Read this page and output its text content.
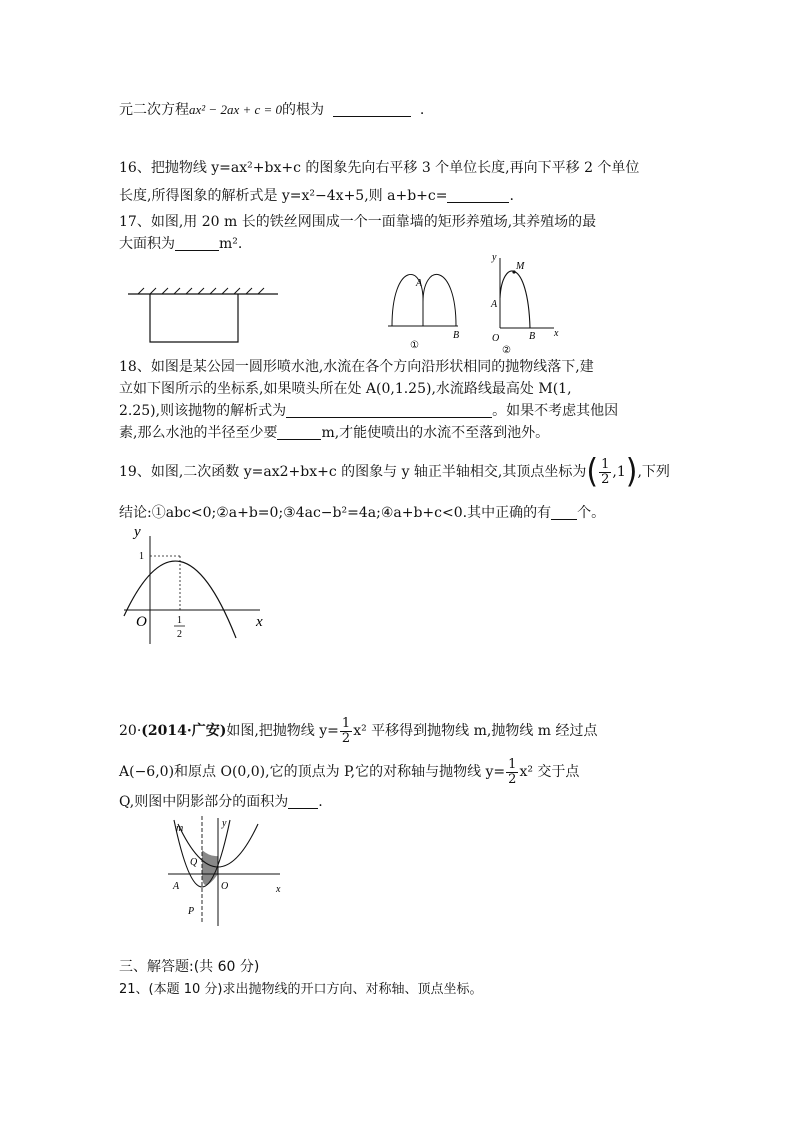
元二次方程ax² − 2ax + c = 0的根为	.
16、把抛物线 y=ax²+bx+c 的图象先向右平移 3 个单位长度,再向下平移 2 个单位
长度,所得图象的解析式是 y=x²−4x+5,则 a+b+c=	.
17、如图,用 20 m 长的铁丝网围成一个一面靠墙的矩形养殖场,其养殖场的最
大面积为	m².
A
B
①
y
M
A
O	B x
②
18、如图是某公园一圆形喷水池,水流在各个方向沿形状相同的抛物线落下,建
立如下图所示的坐标系,如果喷头所在处 A(0,1.25),水流路线最高处 M(1,
2.25),则该抛物的解析式为	。如果不考虑其他因
素,那么水池的半径至少要	m,才能使喷出的水流不至落到池外。
19、如图,二次函数 y=ax2+bx+c 的图象与 y 轴正半轴相交,其顶点坐标为( $\frac{1}{2} ,1$),下列
结论:①abc<0;②a+b=0;③4ac−b²=4a;④a+b+c<0.其中正确的有 个。
y
1
O	x
1
2
20·(2014·广安)如图,把抛物线 $y= \frac{1}{2} x^2$ 平移得到抛物线 m,抛物线 m 经过点
A(−6,0)和原点 O(0,0),它的顶点为 P,它的对称轴与抛物线 $y= \frac{1}{2} x^2$ 交于点
Q,则图中阴影部分的面积为 .
m	y
Q
A	O	x
P
三、解答题:(共 60 分)
21、(本题 10 分)求出抛物线的开口方向、对称轴、顶点坐标。
